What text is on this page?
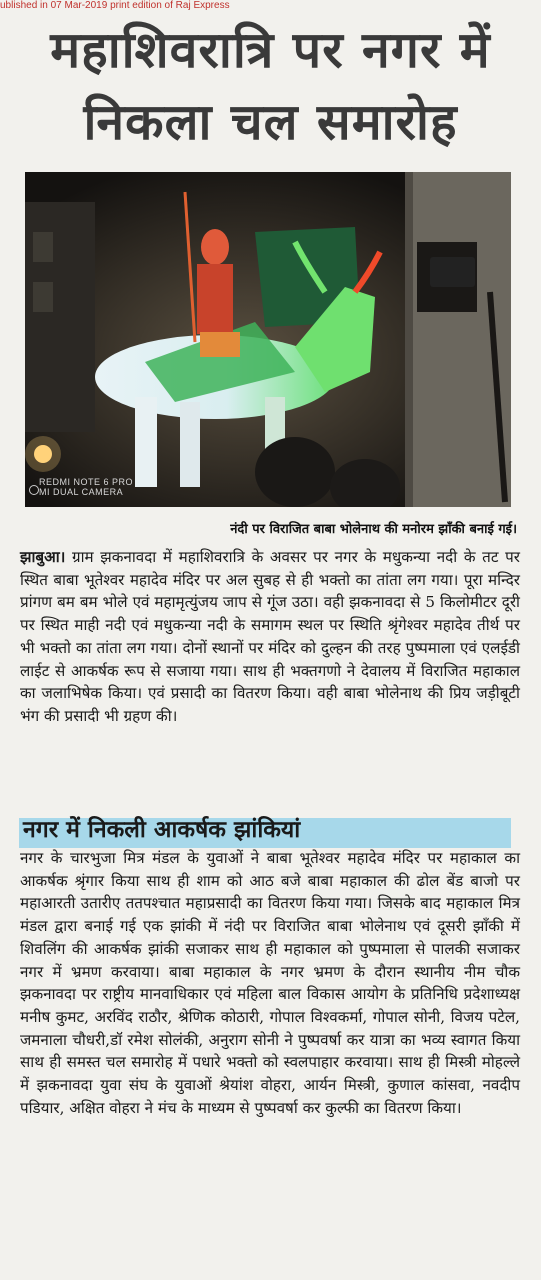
ublished in 07 Mar-2019 print edition of Raj Express
महाशिवरात्रि पर नगर में
निकला चल समारोह
REDMI NOTE 6 PRO
MI DUAL CAMERA
नंदी पर विराजित बाबा भोलेनाथ की मनोरम झाँकी बनाई गई।
झाबुआ। ग्राम झकनावदा में महाशिवरात्रि के अवसर पर नगर के मधुकन्या नदी के तट पर स्थित बाबा भूतेश्वर महादेव मंदिर पर अल सुबह से ही भक्तो का तांता लग गया। पूरा मन्दिर प्रांगण बम बम भोले एवं महामृत्युंजय जाप से गूंज उठा। वही झकनावदा से 5 किलोमीटर दूरी पर स्थित माही नदी एवं मधुकन्या नदी के समागम स्थल पर स्थिति श्रृंगेश्वर महादेव तीर्थ पर भी भक्तो का तांता लग गया। दोनों स्थानों पर मंदिर को दुल्हन की तरह पुष्पमाला एवं एलईडी लाईट से आकर्षक रूप से सजाया गया। साथ ही भक्तगणो ने देवालय में विराजित महाकाल का जलाभिषेक किया। एवं प्रसादी का वितरण किया। वही बाबा भोलेनाथ की प्रिय जड़ीबूटी भंग की प्रसादी भी ग्रहण की।
नगर में निकली आकर्षक झांकियां
नगर के चारभुजा मित्र मंडल के युवाओं ने बाबा भूतेश्वर महादेव मंदिर पर महाकाल का आकर्षक श्रृंगार किया साथ ही शाम को आठ बजे बाबा महाकाल की ढोल बेंड बाजो पर महाआरती उतारीए ततपश्चात महाप्रसादी का वितरण किया गया। जिसके बाद महाकाल मित्र मंडल द्वारा बनाई गई एक झांकी में नंदी पर विराजित बाबा भोलेनाथ एवं दूसरी झाँकी में शिवलिंग की आकर्षक झांकी सजाकर साथ ही महाकाल को पुष्पमाला से पालकी सजाकर नगर में भ्रमण करवाया। बाबा महाकाल के नगर भ्रमण के दौरान स्थानीय नीम चौक झकनावदा पर राष्ट्रीय मानवाधिकार एवं महिला बाल विकास आयोग के प्रतिनिधि प्रदेशाध्यक्ष मनीष कुमट, अरविंद राठौर, श्रेणिक कोठारी, गोपाल विश्वकर्मा, गोपाल सोनी, विजय पटेल, जमनाला चौधरी,डॉ रमेश सोलंकी, अनुराग सोनी ने पुष्पवर्षा कर यात्रा का भव्य स्वागत किया साथ ही समस्त चल समारोह में पधारे भक्तो को स्वलपाहार करवाया। साथ ही मिस्त्री मोहल्ले में झकनावदा युवा संघ के युवाओं श्रेयांश वोहरा, आर्यन मिस्त्री, कुणाल कांसवा, नवदीप पडियार, अक्षित वोहरा ने मंच के माध्यम से पुष्पवर्षा कर कुल्फी का वितरण किया।
